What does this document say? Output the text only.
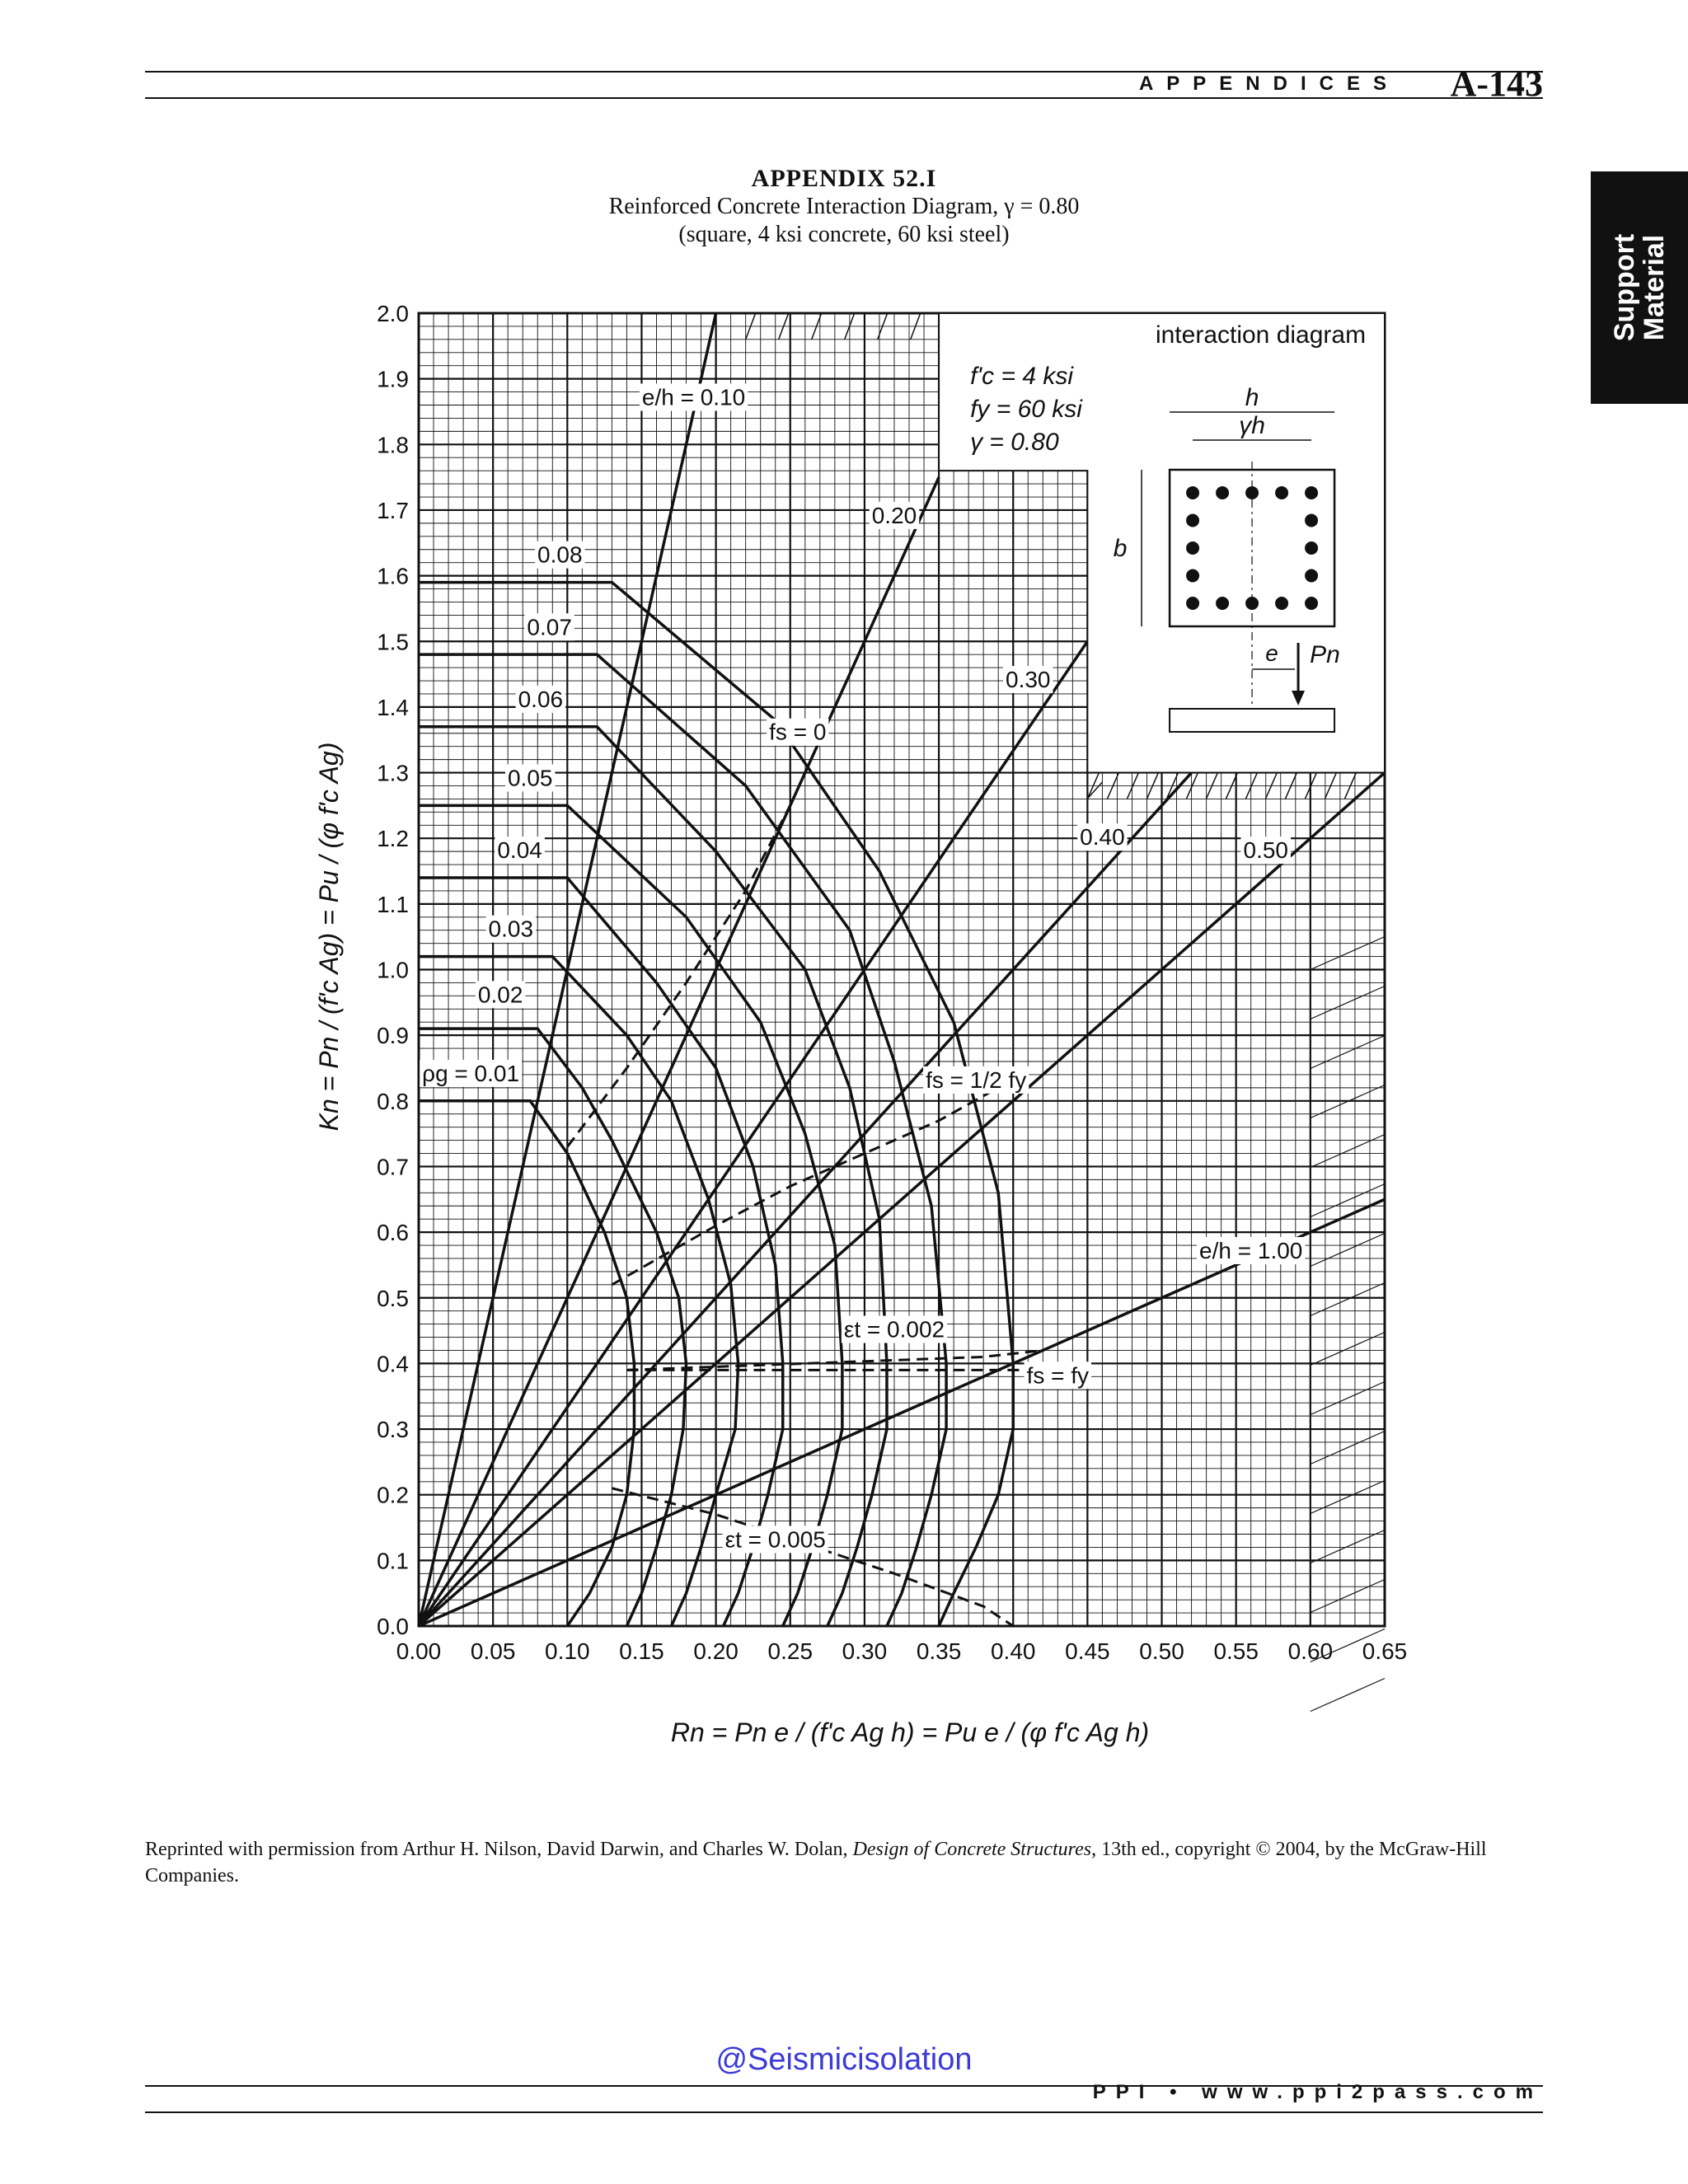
APPENDICES A-143
Support
Material
APPENDIX 52.I
Reinforced Concrete Interaction Diagram, γ = 0.80
(square, 4 ksi concrete, 60 ksi steel)
interaction diagram
f'c = 4 ksi
fy = 60 ksi
γ = 0.80
h
γh
b
e Pn
0.00 0.05 0.10 0.15 0.20 0.25 0.30 0.35 0.40 0.45 0.50 0.55 0.60 0.65
0.0
0.1
0.2
0.3
0.4
0.5
0.6
0.7
0.8
0.9
1.0
1.1
1.2
1.3
1.4
1.5
1.6
1.7
1.8
1.9
2.0
ρg = 0.01
0.02
0.03
0.04
0.05
0.06
0.07
0.08
e/h = 0.10
0.20
0.30
0.40
0.50
e/h = 1.00
fs = 0
fs = 1/2 fy
εt = 0.002
fs = fy
εt = 0.005
Rn = Pn e / (f'c Ag h) = Pu e / (φ f'c Ag h)
Kn = Pn / (f'c Ag) = Pu / (φ f'c Ag)
Reprinted with permission from Arthur H. Nilson, David Darwin, and Charles W. Dolan, Design of Concrete Structures, 13th ed., copyright © 2004, by the McGraw-Hill Companies.
@Seismicisolation
PPI • www.ppi2pass.com
